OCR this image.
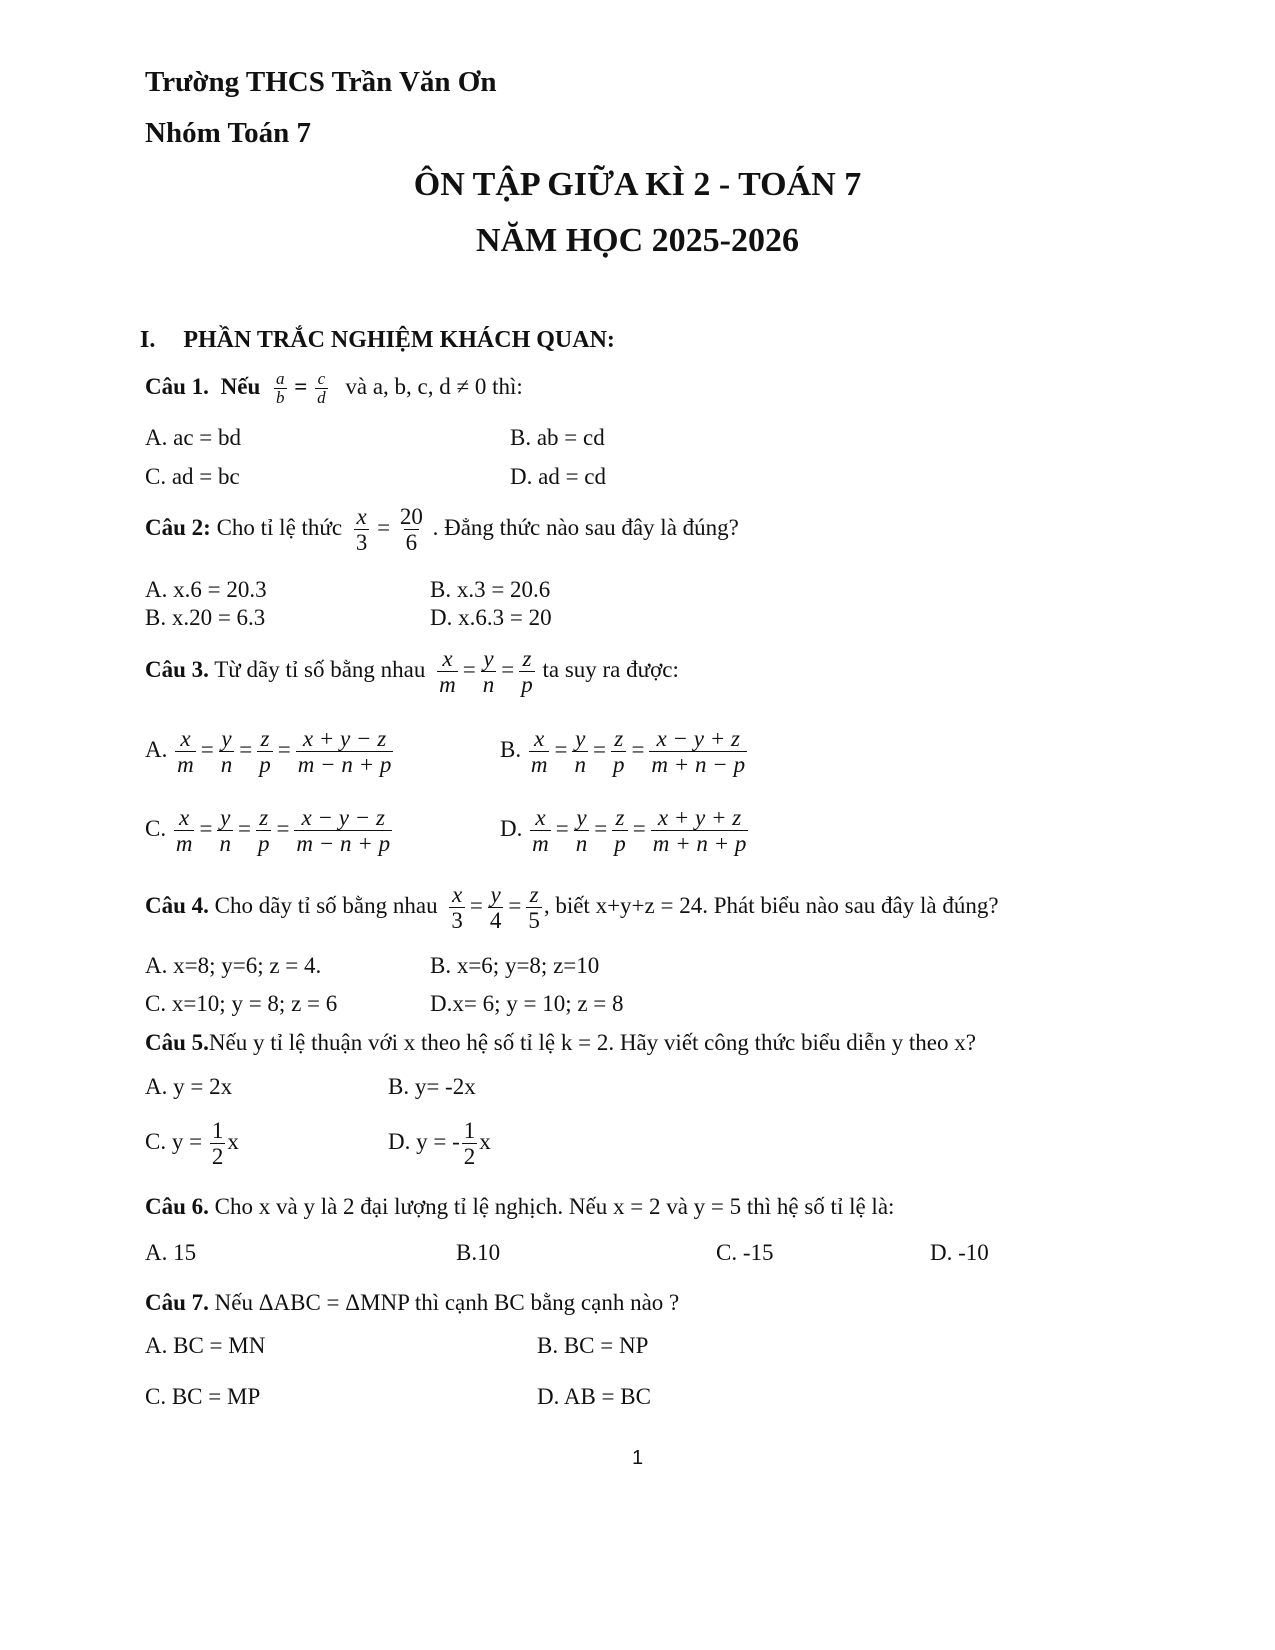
Trường THCS Trần Văn Ơn
Nhóm Toán 7
ÔN TẬP GIỮA KÌ 2 - TOÁN 7
NĂM HỌC 2025-2026
I. PHẦN TRẮC NGHIỆM KHÁCH QUAN:
Câu 1. Nếu $\frac{a}{b} = \frac{c}{d}$ và a, b, c, d ≠ 0 thì:
A. ac = bd	B. ab = cd
C. ad = bc	D. ad = cd
Câu 2: Cho tỉ lệ thức $\frac{x}{3} = \frac{20}{6}$ . Đẳng thức nào sau đây là đúng?
A. x.6 = 20.3	B. x.3 = 20.6
B. x.20 = 6.3	D. x.6.3 = 20
Câu 3. Từ dãy tỉ số bằng nhau $\frac{x}{m} = \frac{y}{n} = \frac{z}{p}$ ta suy ra được:
A. $\frac{x}{m} = \frac{y}{n} = \frac{z}{p} = \frac{x + y - z}{m - n + p}$	B. $\frac{x}{m} = \frac{y}{n} = \frac{z}{p} = \frac{x - y + z}{m + n - p}$
C. $\frac{x}{m} = \frac{y}{n} = \frac{z}{p} = \frac{x - y - z}{m - n + p}$	D. $\frac{x}{m} = \frac{y}{n} = \frac{z}{p} = \frac{x + y + z}{m + n + p}$
Câu 4. Cho dãy tỉ số bằng nhau $\frac{x}{3} = \frac{y}{4} = \frac{z}{5}$ , biết x+y+z = 24. Phát biểu nào sau đây là đúng?
A. x=8; y=6; z = 4.	B. x=6; y=8; z=10
C. x=10; y = 8; z = 6	D.x= 6; y = 10; z = 8
Câu 5.Nếu y tỉ lệ thuận với x theo hệ số tỉ lệ k = 2. Hãy viết công thức biểu diễn y theo x?
A. y = 2x	B. y= -2x
C. $y = \frac{1}{2}$ x	D. y = - $\frac{1}{2}$ x
Câu 6. Cho x và y là 2 đại lượng tỉ lệ nghịch. Nếu x = 2 và y = 5 thì hệ số tỉ lệ là:
A. 15	B.10	C. -15	D. -10
Câu 7. Nếu ΔABC = ΔMNP thì cạnh BC bằng cạnh nào ?
A. BC = MN	B. BC = NP
C. BC = MP	D. AB = BC
1
